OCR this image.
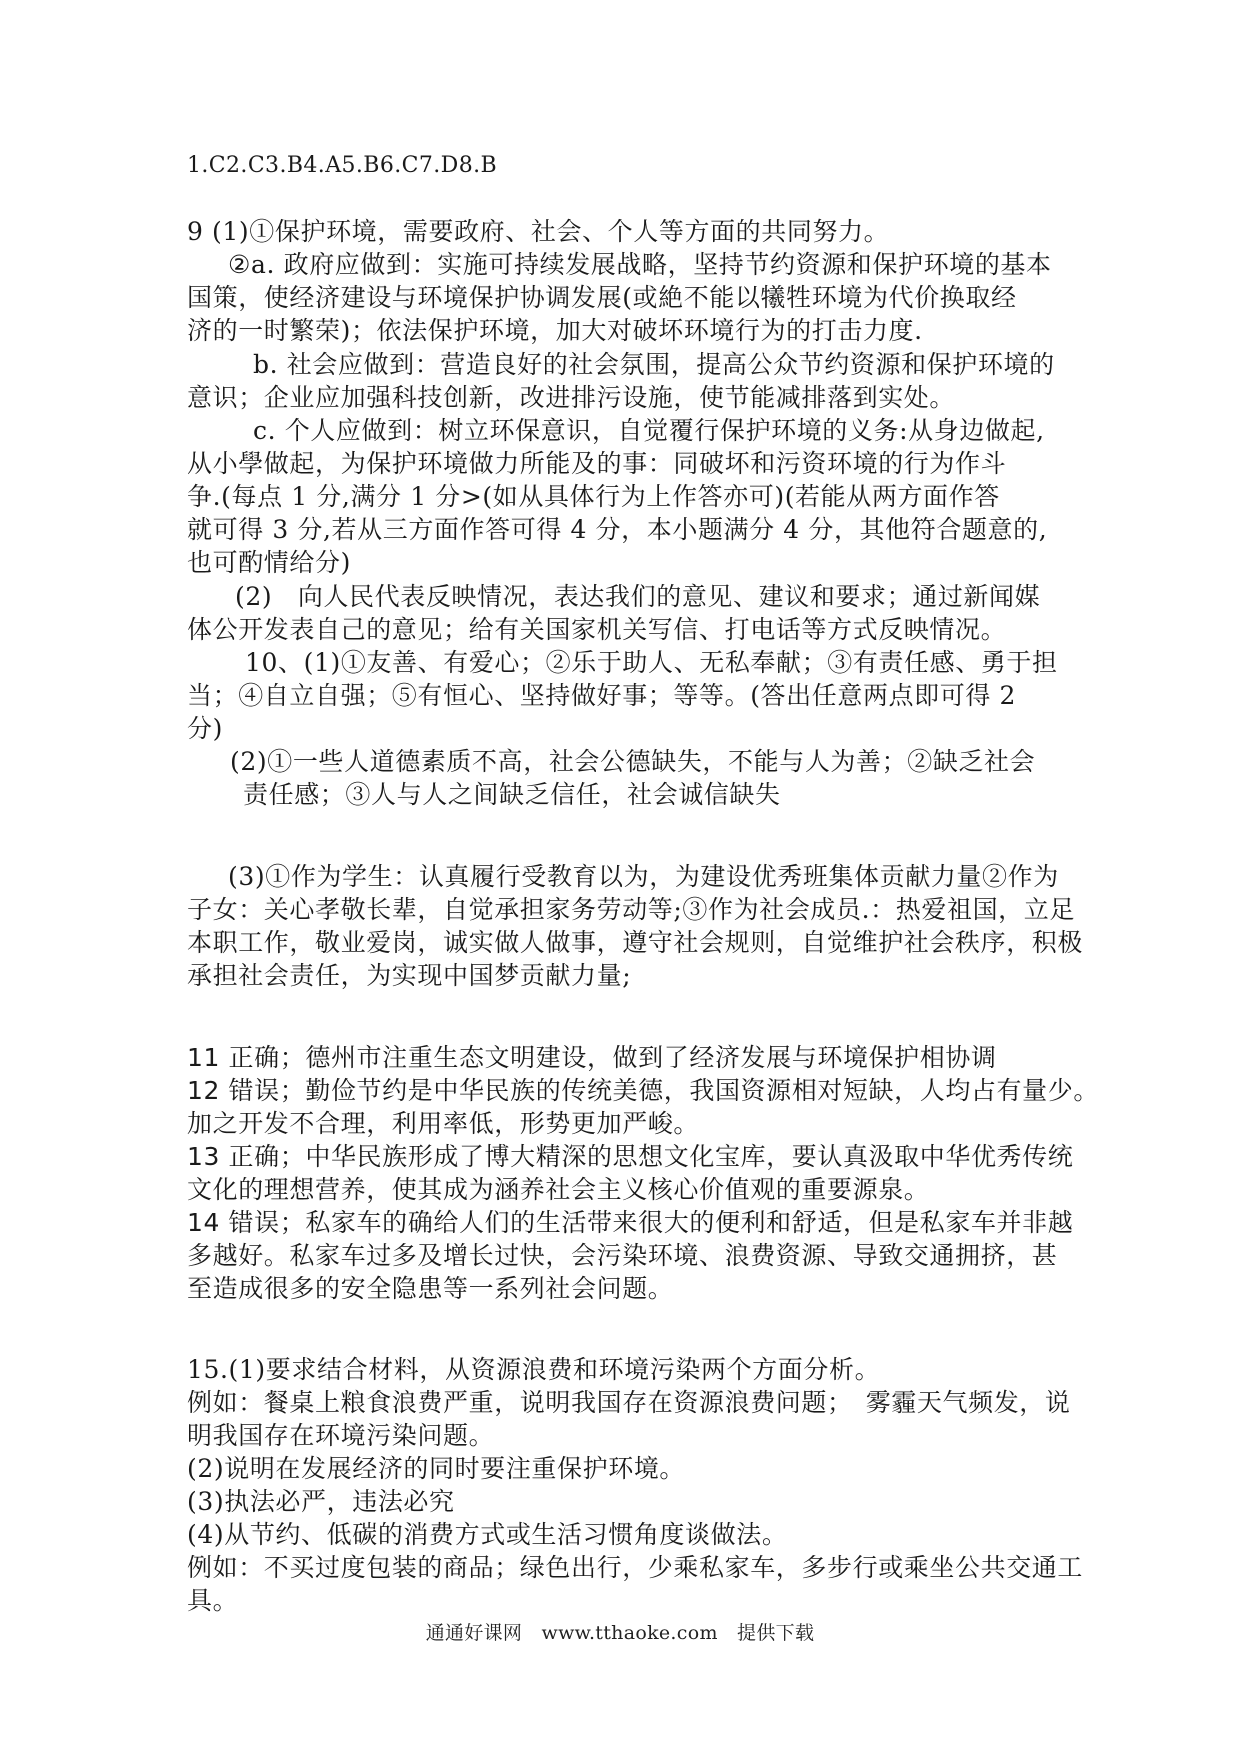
1.C2.C3.B4.A5.B6.C7.D8.B
9 (1)①保护环境，需要政府、社会、个人等方面的共同努力。
②a. 政府应做到：实施可持续发展战略，坚持节约资源和保护环境的基本
国策，使经济建设与环境保护协调发展(或絶不能以犧牲环境为代价换取经
济的一时繁荣)；依法保护环境，加大对破坏环境行为的打击力度.
b. 社会应做到：营造良好的社会氛围，提高公众节约资源和保护环境的
意识；企业应加强科技创新，改进排污设施，使节能减排落到实处。
c. 个人应做到：树立环保意识，自觉覆行保护环境的义务:从身边做起,
从小學做起，为保护环境做力所能及的事：同破坏和污资环境的行为作斗
争.(每点 1 分,满分 1 分>(如从具体行为上作答亦可)(若能从两方面作答
就可得 3 分,若从三方面作答可得 4 分，本小题满分 4 分，其他符合题意的,
也可酌情给分)
(2)　向人民代表反映情况，表达我们的意见、建议和要求；通过新闻媒
体公开发表自己的意见；给有关国家机关写信、打电话等方式反映情况。
10、(1)①友善、有爱心；②乐于助人、无私奉献；③有责任感、勇于担
当；④自立自强；⑤有恒心、坚持做好事；等等。(答出任意两点即可得 2
分)
(2)①一些人道德素质不高，社会公德缺失，不能与人为善；②缺乏社会
责任感；③人与人之间缺乏信任，社会诚信缺失
(3)①作为学生：认真履行受教育以为，为建设优秀班集体贡献力量②作为
子女：关心孝敬长辈，自觉承担家务劳动等;③作为社会成员.：热爱祖国，立足
本职工作，敬业爱岗，诚实做人做事，遵守社会规则，自觉维护社会秩序，积极
承担社会责任，为实现中国梦贡献力量;
11 正确；德州市注重生态文明建设，做到了经济发展与环境保护相协调
12 错误；勤俭节约是中华民族的传统美德，我国资源相对短缺，人均占有量少。
加之开发不合理，利用率低，形势更加严峻。
13 正确；中华民族形成了博大精深的思想文化宝库，要认真汲取中华优秀传统
文化的理想营养，使其成为涵养社会主义核心价值观的重要源泉。
14 错误；私家车的确给人们的生活带来很大的便利和舒适，但是私家车并非越
多越好。私家车过多及增长过快，会污染环境、浪费资源、导致交通拥挤，甚
至造成很多的安全隐患等一系列社会问题。
15.(1)要求结合材料，从资源浪费和环境污染两个方面分析。
例如：餐桌上粮食浪费严重，说明我国存在资源浪费问题；　雾霾天气频发，说
明我国存在环境污染问题。
(2)说明在发展经济的同时要注重保护环境。
(3)执法必严，违法必究
(4)从节约、低碳的消费方式或生活习惯角度谈做法。
例如：不买过度包装的商品；绿色出行，少乘私家车，多步行或乘坐公共交通工
具。
通通好课网　www.tthaoke.com　提供下载
